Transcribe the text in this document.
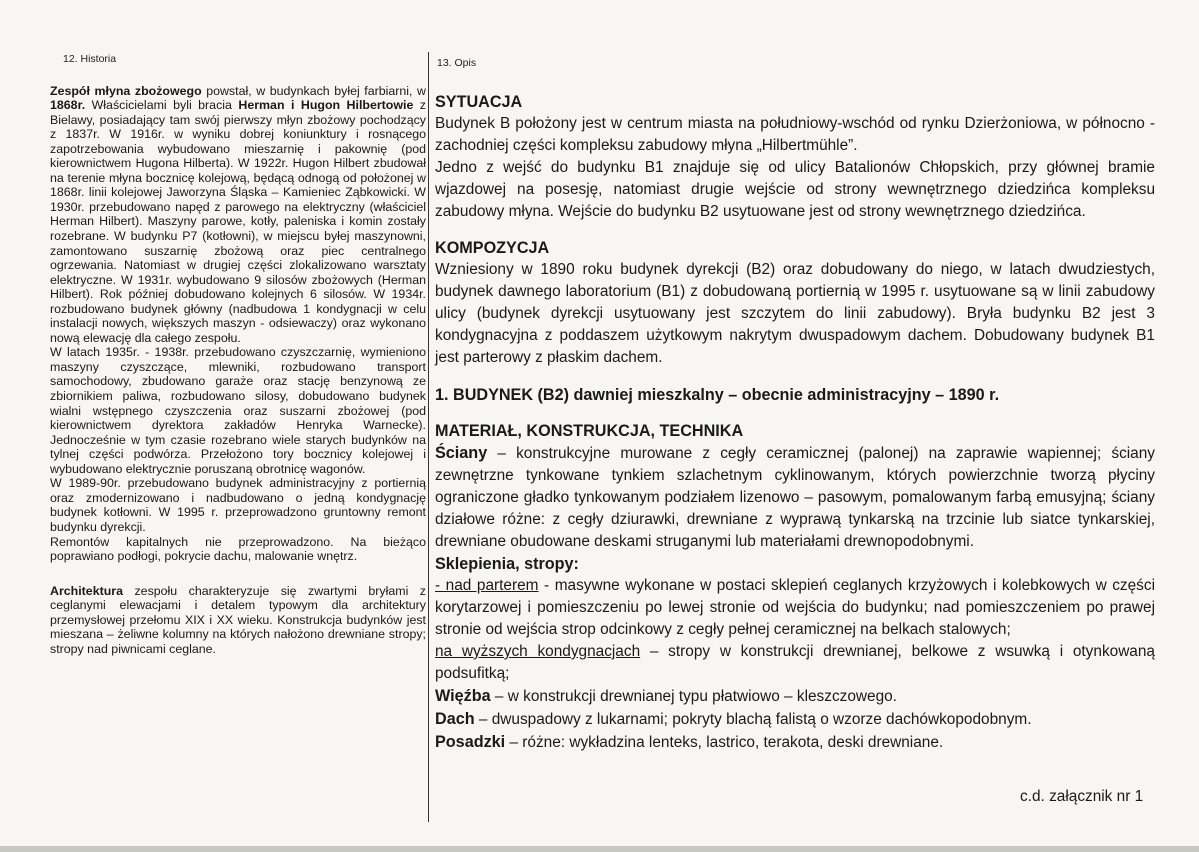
12. Historia

Zespół młyna zbożowego powstał, w budynkach byłej farbiarni, w 1868r. Właścicielami byli bracia Herman i Hugon Hilbertowie z Bielawy, posiadający tam swój pierwszy młyn zbożowy pochodzący z 1837r. W 1916r. w wyniku dobrej koniunktury i rosnącego zapotrzebowania wybudowano mieszarnię i pakownię (pod kierownictwem Hugona Hilberta). W 1922r. Hugon Hilbert zbudował na terenie młyna bocznicę kolejową, będącą odnogą od położonej w 1868r. linii kolejowej Jaworzyna Śląska – Kamieniec Ząbkowicki. W 1930r. przebudowano napęd z parowego na elektryczny (właściciel Herman Hilbert). Maszyny parowe, kotły, paleniska i komin zostały rozebrane. W budynku P7 (kotłowni), w miejscu byłej maszynowni, zamontowano suszarnię zbożową oraz piec centralnego ogrzewania. Natomiast w drugiej części zlokalizowano warsztaty elektryczne. W 1931r. wybudowano 9 silosów zbożowych (Herman Hilbert). Rok później dobudowano kolejnych 6 silosów. W 1934r. rozbudowano budynek główny (nadbudowa 1 kondygnacji w celu instalacji nowych, większych maszyn - odsiewaczy) oraz wykonano nową elewację dla całego zespołu.

W latach 1935r. - 1938r. przebudowano czyszczarnię, wymieniono maszyny czyszczące, mlewniki, rozbudowano transport samochodowy, zbudowano garaże oraz stację benzynową ze zbiornikiem paliwa, rozbudowano silosy, dobudowano budynek wialni wstępnego czyszczenia oraz suszarni zbożowej (pod kierownictwem dyrektora zakładów Henryka Warnecke). Jednocześnie w tym czasie rozebrano wiele starych budynków na tylnej części podwórza. Przełożono tory bocznicy kolejowej i wybudowano elektrycznie poruszaną obrotnicę wagonów.

W 1989-90r. przebudowano budynek administracyjny z portiernią oraz zmodernizowano i nadbudowano o jedną kondygnację budynek kotłowni. W 1995 r. przeprowadzono gruntowny remont budynku dyrekcji.

Remontów kapitalnych nie przeprowadzono. Na bieżąco poprawiano podłogi, pokrycie dachu, malowanie wnętrz.

Architektura zespołu charakteryzuje się zwartymi bryłami z ceglanymi elewacjami i detalem typowym dla architektury przemysłowej przełomu XIX i XX wieku. Konstrukcja budynków jest mieszana – żeliwne kolumny na których nałożono drewniane stropy; stropy nad piwnicami ceglane.

13. Opis
SYTUACJA

Budynek B położony jest w centrum miasta na południowy-wschód od rynku Dzierżoniowa, w północno - zachodniej części kompleksu zabudowy młyna „Hilbertmühle”.

Jedno z wejść do budynku B1 znajduje się od ulicy Batalionów Chłopskich, przy głównej bramie wjazdowej na posesję, natomiast drugie wejście od strony wewnętrznego dziedzińca kompleksu zabudowy młyna. Wejście do budynku B2 usytuowane jest od strony wewnętrznego dziedzińca.

KOMPOZYCJA

Wzniesiony w 1890 roku budynek dyrekcji (B2) oraz dobudowany do niego, w latach dwudziestych, budynek dawnego laboratorium (B1) z dobudowaną portiernią w 1995 r. usytuowane są w linii zabudowy ulicy (budynek dyrekcji usytuowany jest szczytem do linii zabudowy). Bryła budynku B2 jest 3 kondygnacyjna z poddaszem użytkowym nakrytym dwuspadowym dachem. Dobudowany budynek B1 jest parterowy z płaskim dachem.

1. BUDYNEK (B2) dawniej mieszkalny – obecnie administracyjny – 1890 r.
MATERIAŁ, KONSTRUKCJA, TECHNIKA

Ściany – konstrukcyjne murowane z cegły ceramicznej (palonej) na zaprawie wapiennej; ściany zewnętrzne tynkowane tynkiem szlachetnym cyklinowanym, których powierzchnie tworzą płyciny ograniczone gładko tynkowanym podziałem lizenowo – pasowym, pomalowanym farbą emusyjną; ściany działowe różne: z cegły dziurawki, drewniane z wyprawą tynkarską na trzcinie lub siatce tynkarskiej, drewniane obudowane deskami struganymi lub materiałami drewnopodobnymi.

Sklepienia, stropy:

- nad parterem - masywne wykonane w postaci sklepień ceglanych krzyżowych i kolebkowych w części korytarzowej i pomieszczeniu po lewej stronie od wejścia do budynku; nad pomieszczeniem po prawej stronie od wejścia strop odcinkowy z cegły pełnej ceramicznej na belkach stalowych;

na wyższych kondygnacjach – stropy w konstrukcji drewnianej, belkowe z wsuwką i otynkowaną podsufitką;

Więźba – w konstrukcji drewnianej typu płatwiowo – kleszczowego.

Dach – dwuspadowy z lukarnami; pokryty blachą falistą o wzorze dachówkopodobnym.

Posadzki – różne: wykładzina lenteks, lastrico, terakota, deski drewniane.

c.d. załącznik nr 1
